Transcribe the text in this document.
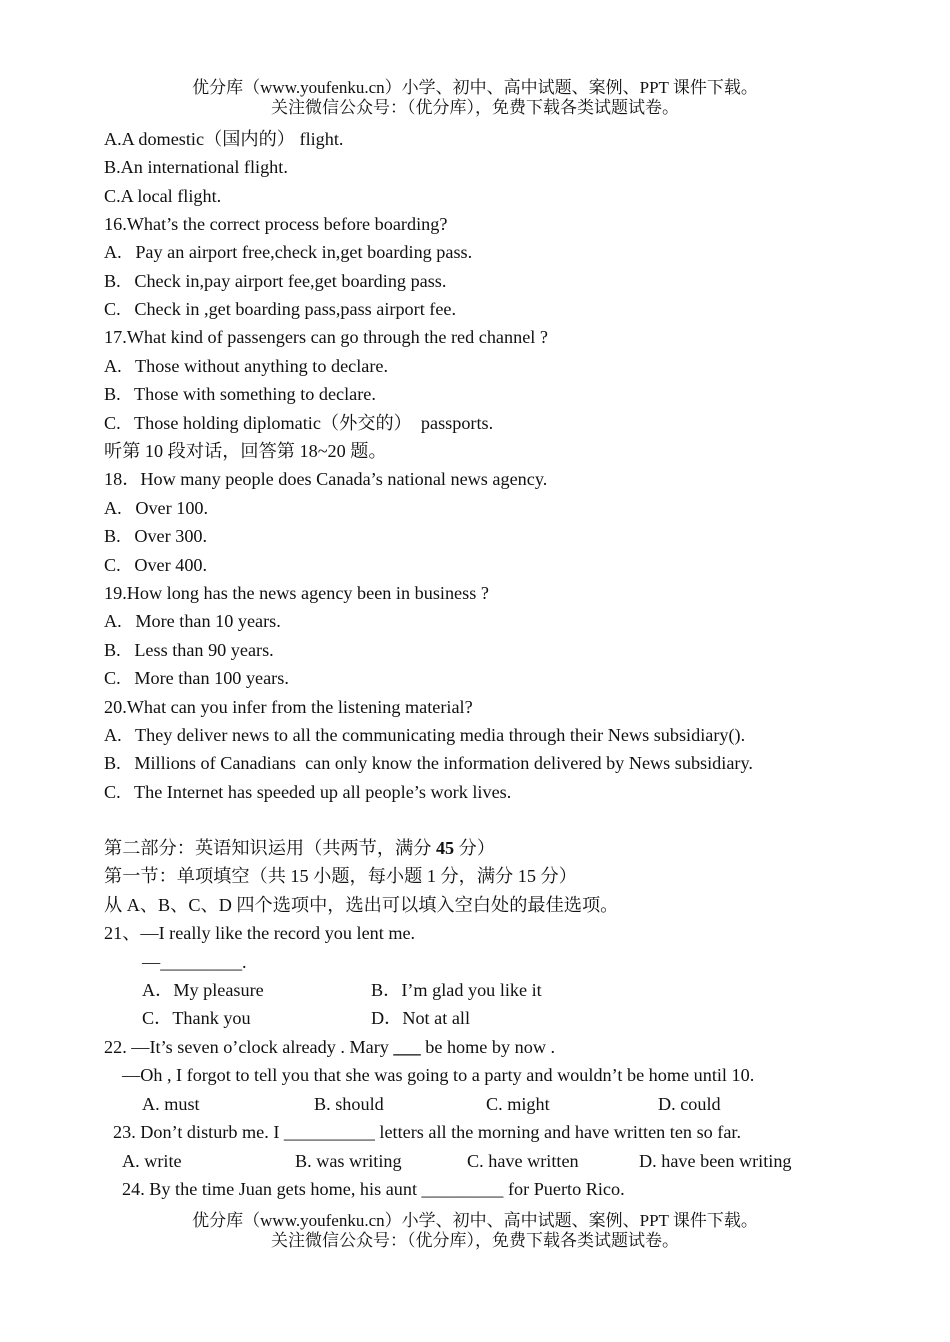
优分库（www.youfenku.cn）小学、初中、高中试题、案例、PPT 课件下载。
关注微信公众号：（优分库），免费下载各类试题试卷。
A.A domestic（国内的） flight.
B.An international flight.
C.A local flight.
16.What’s the correct process before boarding?
A.   Pay an airport free,check in,get boarding pass.
B.   Check in,pay airport fee,get boarding pass.
C.   Check in ,get boarding pass,pass airport fee.
17.What kind of passengers can go through the red channel ?
A.   Those without anything to declare.
B.   Those with something to declare.
C.   Those holding diplomatic（外交的）  passports.
听第 10 段对话，回答第 18~20 题。
18．How many people does Canada’s national news agency.
A.   Over 100.
B.   Over 300.
C.   Over 400.
19.How long has the news agency been in business ?
A.   More than 10 years.
B.   Less than 90 years.
C.   More than 100 years.
20.What can you infer from the listening material?
A.   They deliver news to all the communicating media through their News subsidiary().
B.   Millions of Canadians  can only know the information delivered by News subsidiary.
C.   The Internet has speeded up all people’s work lives.
第二部分：英语知识运用（共两节，满分 45 分）
第一节：单项填空（共 15 小题，每小题 1 分，满分 15 分）
从 A、B、C、D 四个选项中，选出可以填入空白处的最佳选项。
21、—I really like the record you lent me.
—_________.
A．My pleasure	B．I’m glad you like it
C．Thank you	D．Not at all
22. —It’s seven o’clock already . Mary ___ be home by now .
—Oh , I forgot to tell you that she was going to a party and wouldn’t be home until 10.
A. must	B. should	C. might	D. could
23. Don’t disturb me. I __________ letters all the morning and have written ten so far.
A. write	B. was writing	C. have written	D. have been writing
24. By the time Juan gets home, his aunt _________ for Puerto Rico.
优分库（www.youfenku.cn）小学、初中、高中试题、案例、PPT 课件下载。
关注微信公众号：（优分库），免费下载各类试题试卷。
